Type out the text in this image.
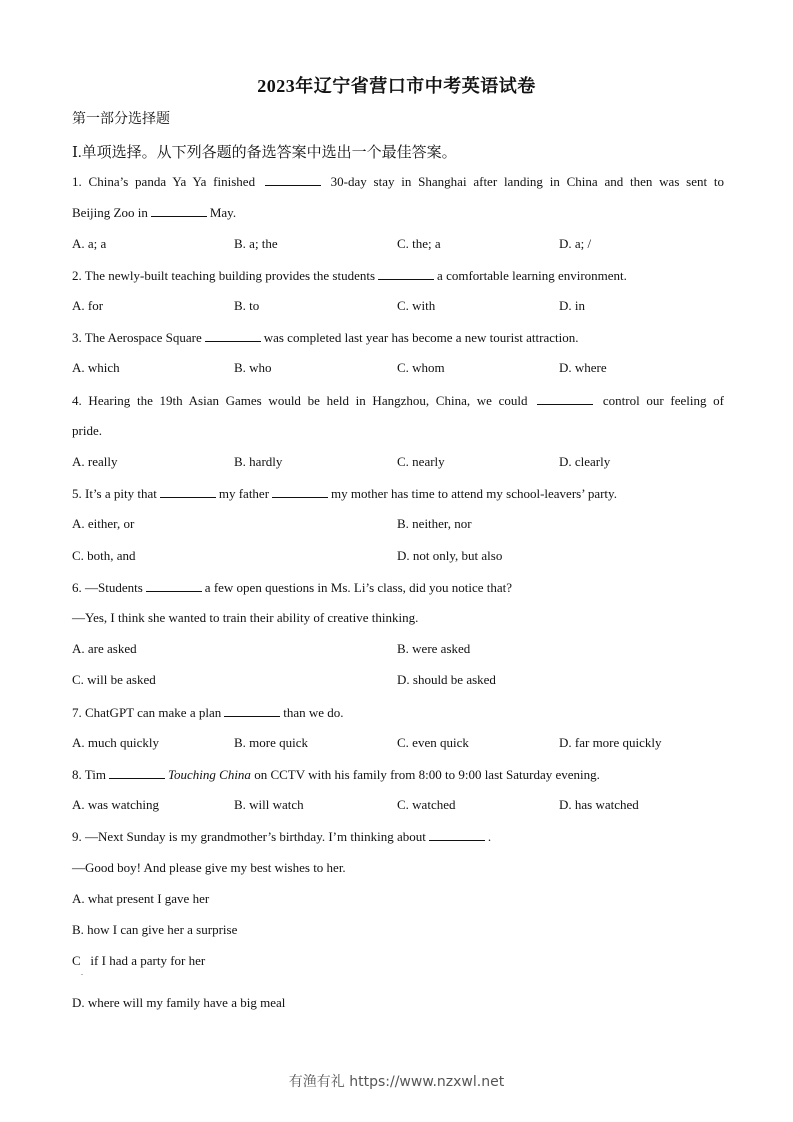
2023年辽宁省营口市中考英语试卷
第一部分选择题
Ⅰ.单项选择。从下列各题的备选答案中选出一个最佳答案。
1. China’s panda Ya Ya finished	30-day stay in Shanghai after landing in China and then was sent to
Beijing Zoo in	May.
A. a; a	B. a; the	C. the; a	D. a; /
2. The newly-built teaching building provides the students	a comfortable learning environment.
A. for	B. to	C. with	D. in
3. The Aerospace Square	was completed last year has become a new tourist attraction.
A. which	B. who	C. whom	D. where
4. Hearing the 19th Asian Games would be held in Hangzhou, China, we could	control our feeling of
pride.
A. really	B. hardly	C. nearly	D. clearly
5. It’s a pity that	my father	my mother has time to attend my school-leavers’ party.
A. either, or	B. neither, nor
C. both, and	D. not only, but also
6. —Students	a few open questions in Ms. Li’s class, did you notice that?
—Yes, I think she wanted to train their ability of creative thinking.
A. are asked	B. were asked
C. will be asked	D. should be asked
7. ChatGPT can make a plan	than we do.
A. much quickly	B. more quick	C. even quick	D. far more quickly
8. Tim	Touching China on CCTV with his family from 8:00 to 9:00 last Saturday evening.
A. was watching	B. will watch	C. watched	D. has watched
9. —Next Sunday is my grandmother’s birthday. I’m thinking about	.
—Good boy! And please give my best wishes to her.
A. what present I gave her
B. how I can give her a surprise
C   if I had a party for her
.
D. where will my family have a big meal
有渔有礼 https://www.nzxwl.net
